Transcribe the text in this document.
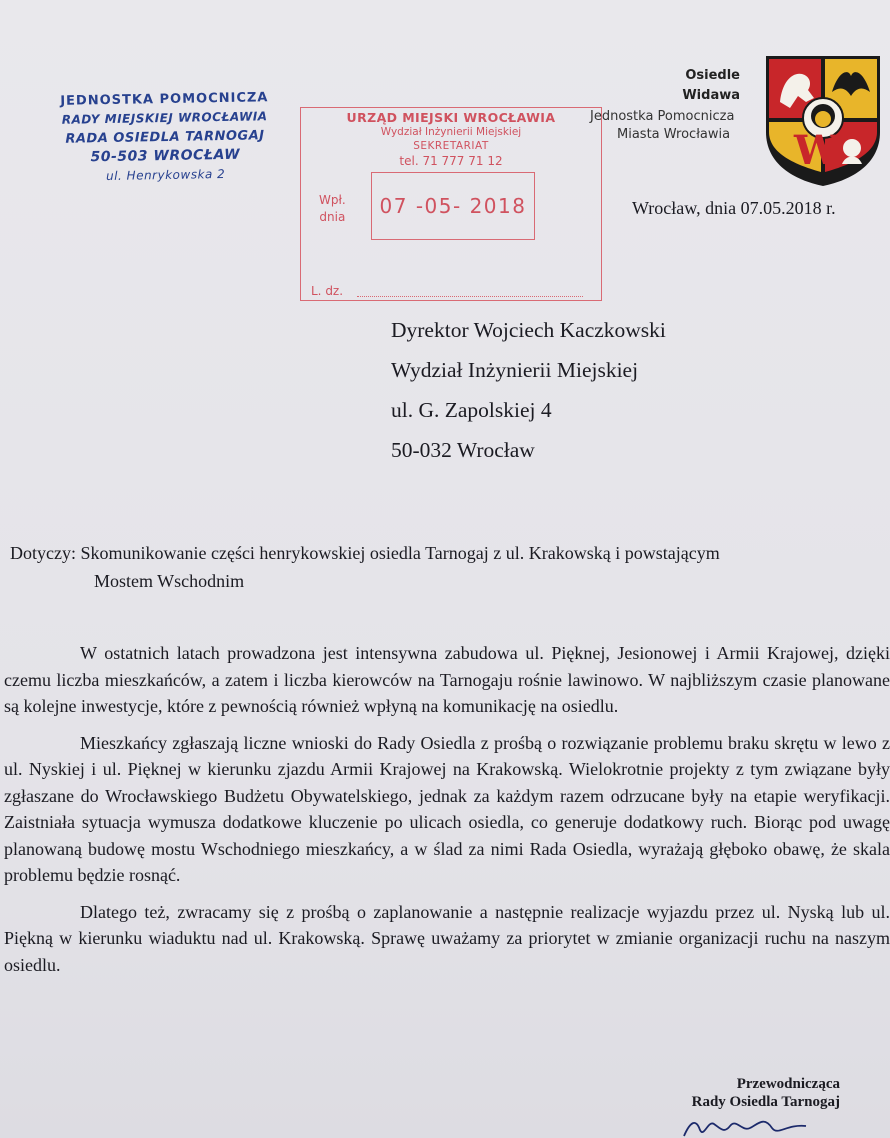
JEDNOSTKA POMOCNICZA
RADY MIEJSKIEJ WROCŁAWIA
RADA OSIEDLA TARNOGAJ
50-503 WROCŁAW
ul. Henrykowska 2
URZĄD MIEJSKI WROCŁAWIA
Wydział Inżynierii Miejskiej
SEKRETARIAT
tel. 71 777 71 12
Wpł.
dnia	07 -05- 2018
L. dz.
Jednostka Pomocnicza
Miasta Wrocławia
Osiedle
Widawa
W
Wrocław, dnia 07.05.2018 r.
Dyrektor Wojciech Kaczkowski
Wydział Inżynierii Miejskiej
ul. G. Zapolskiej 4
50-032 Wrocław
Dotyczy: Skomunikowanie części henrykowskiej osiedla Tarnogaj z ul. Krakowską i powstającym
Mostem Wschodnim

W ostatnich latach prowadzona jest intensywna zabudowa ul. Pięknej, Jesionowej i Armii Krajowej, dzięki czemu liczba mieszkańców, a zatem i liczba kierowców na Tarnogaju rośnie lawinowo. W najbliższym czasie planowane są kolejne inwestycje, które z pewnością również wpłyną na komunikację na osiedlu.

Mieszkańcy zgłaszają liczne wnioski do Rady Osiedla z prośbą o rozwiązanie problemu braku skrętu w lewo z ul. Nyskiej i ul. Pięknej w kierunku zjazdu Armii Krajowej na Krakowską. Wielokrotnie projekty z tym związane były zgłaszane do Wrocławskiego Budżetu Obywatelskiego, jednak za każdym razem odrzucane były na etapie weryfikacji. Zaistniała sytuacja wymusza dodatkowe kluczenie po ulicach osiedla, co generuje dodatkowy ruch. Biorąc pod uwagę planowaną budowę mostu Wschodniego mieszkańcy, a w ślad za nimi Rada Osiedla, wyrażają głęboko obawę, że skala problemu będzie rosnąć.

Dlatego też, zwracamy się z prośbą o zaplanowanie a następnie realizacje wyjazdu przez ul. Nyską lub ul. Piękną w kierunku wiaduktu nad ul. Krakowską. Sprawę uważamy za priorytet w zmianie organizacji ruchu na naszym osiedlu.

Przewodnicząca
Rady Osiedla Tarnogaj
